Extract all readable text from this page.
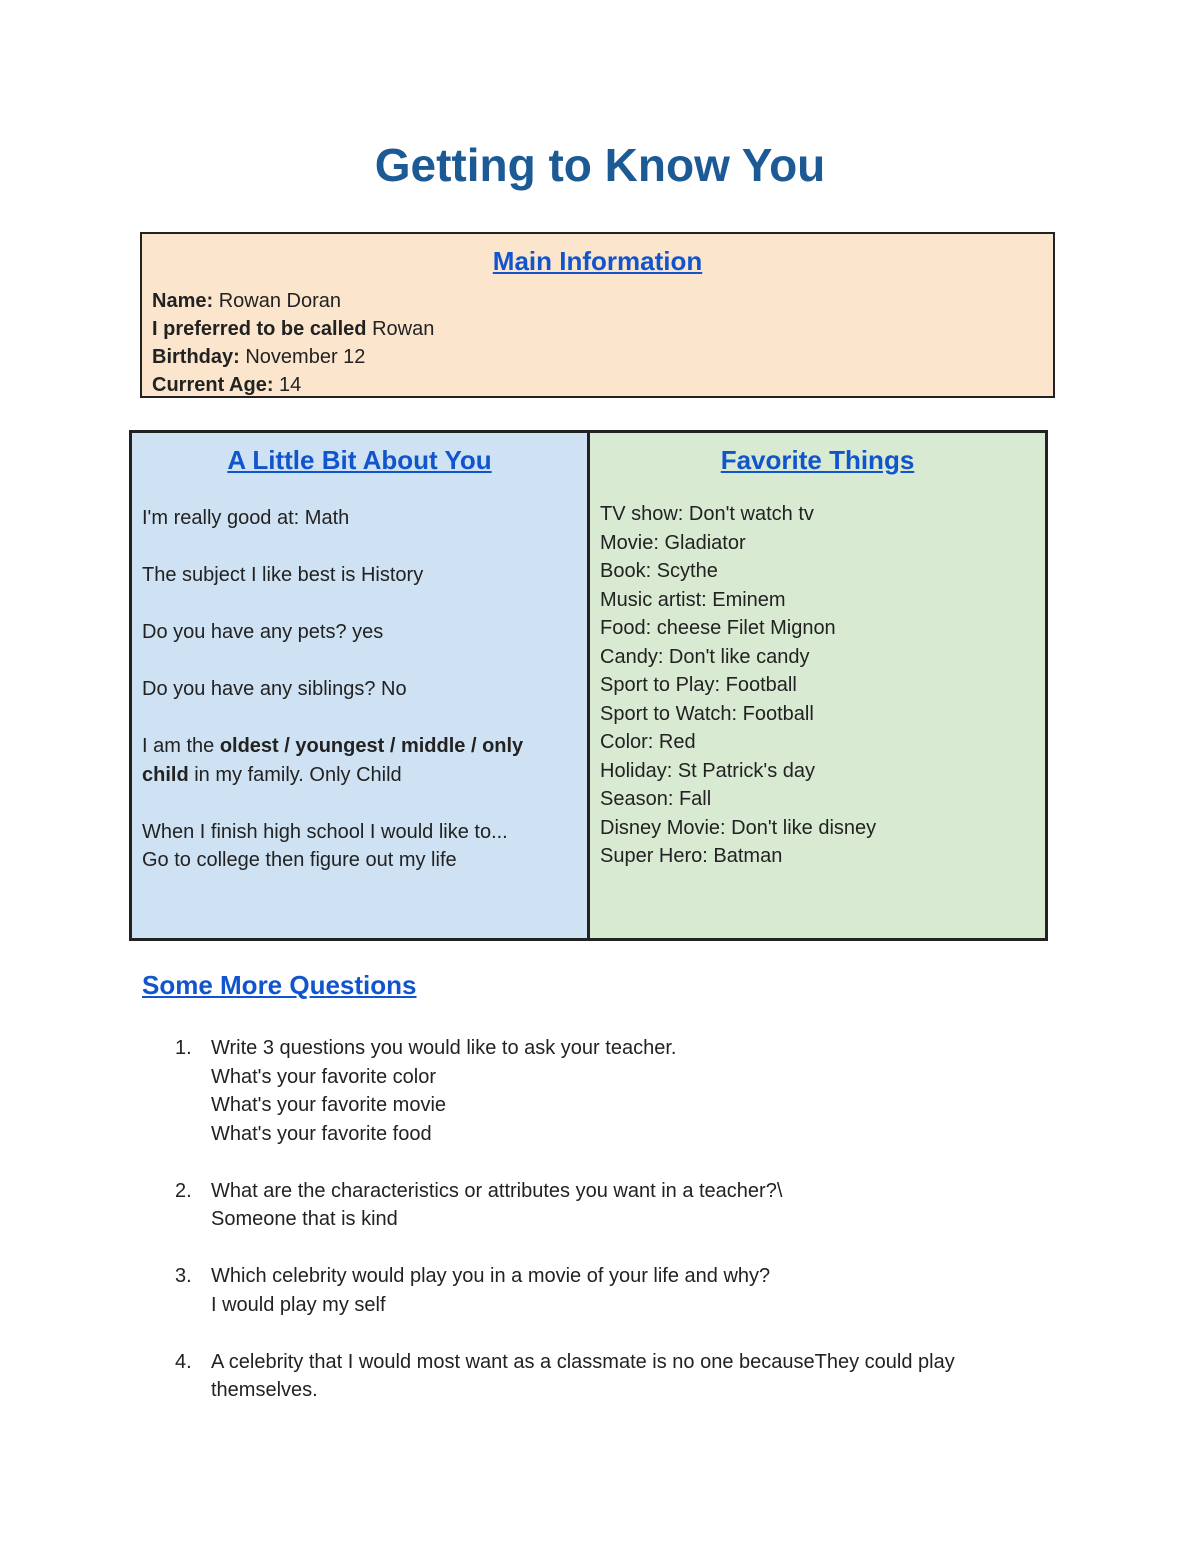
Getting to Know You
Main Information
Name: Rowan Doran
I preferred to be called Rowan
Birthday: November 12
Current Age: 14
A Little Bit About You

I'm really good at: Math

The subject I like best is History

Do you have any pets? yes

Do you have any siblings? No

I am the oldest / youngest / middle / only
child in my family. Only Child

When I finish high school I would like to...
Go to college then figure out my life

Favorite Things
TV show: Don't watch tv
Movie: Gladiator
Book: Scythe
Music artist: Eminem
Food: cheese Filet Mignon
Candy: Don't like candy
Sport to Play: Football
Sport to Watch: Football
Color: Red
Holiday: St Patrick's day
Season: Fall
Disney Movie: Don't like disney
Super Hero: Batman
Some More Questions
1. Write 3 questions you would like to ask your teacher.
What's your favorite color
What's your favorite movie
What's your favorite food
2. What are the characteristics or attributes you want in a teacher?\
Someone that is kind
3. Which celebrity would play you in a movie of your life and why?
I would play my self
4. A celebrity that I would most want as a classmate is no one becauseThey could play themselves.
